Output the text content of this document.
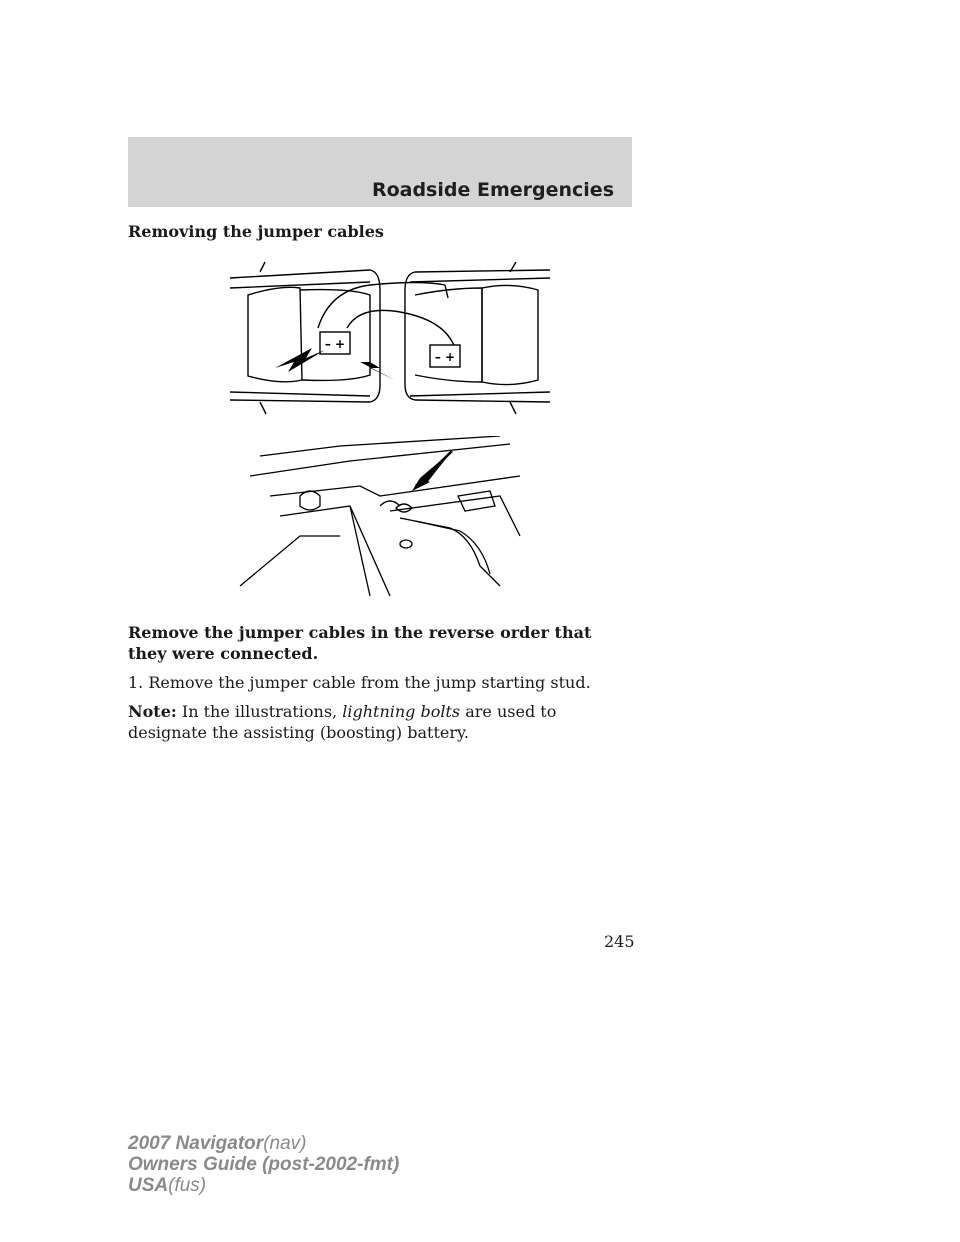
Roadside Emergencies
Removing the jumper cables
– +
– +

Remove the jumper cables in the reverse order that they were connected.

1. Remove the jumper cable from the jump starting stud.

Note: In the illustrations, lightning bolts are used to designate the assisting (boosting) battery.

245
2007 Navigator(nav)
Owners Guide (post-2002-fmt)
USA(fus)
